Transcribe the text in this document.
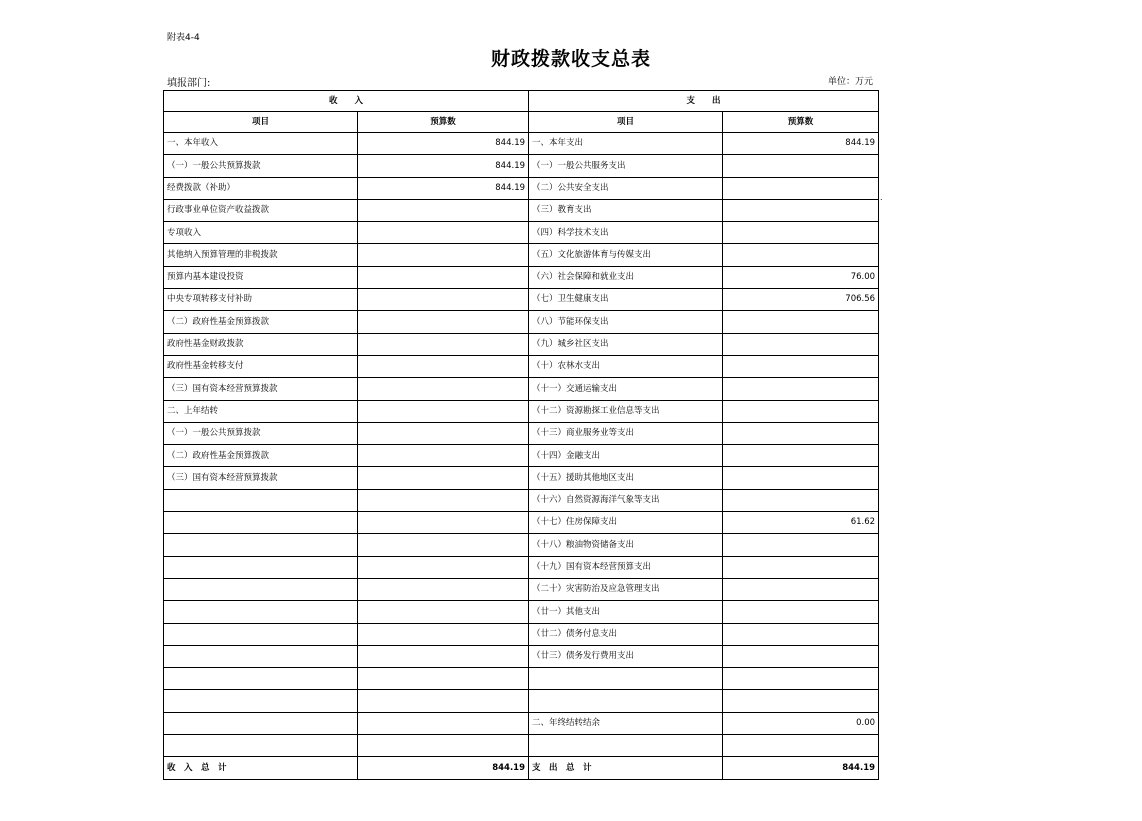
附表4-4
财政拨款收支总表
填报部门:	单位：万元
.
收　　入		支　　出	
项目	预算数	项目	预算数
一、本年收入	844.19	一、本年支出	844.19
（一）一般公共预算拨款	844.19	（一）一般公共服务支出	
经费拨款（补助）	844.19	（二）公共安全支出	
行政事业单位资产收益拨款		（三）教育支出	
专项收入		（四）科学技术支出	
其他纳入预算管理的非税拨款		（五）文化旅游体育与传媒支出	
预算内基本建设投资		（六）社会保障和就业支出	76.00
中央专项转移支付补助		（七）卫生健康支出	706.56
（二）政府性基金预算拨款		（八）节能环保支出	
政府性基金财政拨款		（九）城乡社区支出	
政府性基金转移支付		（十）农林水支出	
（三）国有资本经营预算拨款		（十一）交通运输支出	
二、上年结转		（十二）资源勘探工业信息等支出	
（一）一般公共预算拨款		（十三）商业服务业等支出	
（二）政府性基金预算拨款		（十四）金融支出	
（三）国有资本经营预算拨款		（十五）援助其他地区支出	
		（十六）自然资源海洋气象等支出	
		（十七）住房保障支出	61.62
		（十八）粮油物资储备支出	
		（十九）国有资本经营预算支出	
		（二十）灾害防治及应急管理支出	
		（廿一）其他支出	
		（廿二）债务付息支出	
		（廿三）债务发行费用支出	

		二、年终结转结余	0.00

收　入　总　计	844.19	支　出　总　计	844.19
